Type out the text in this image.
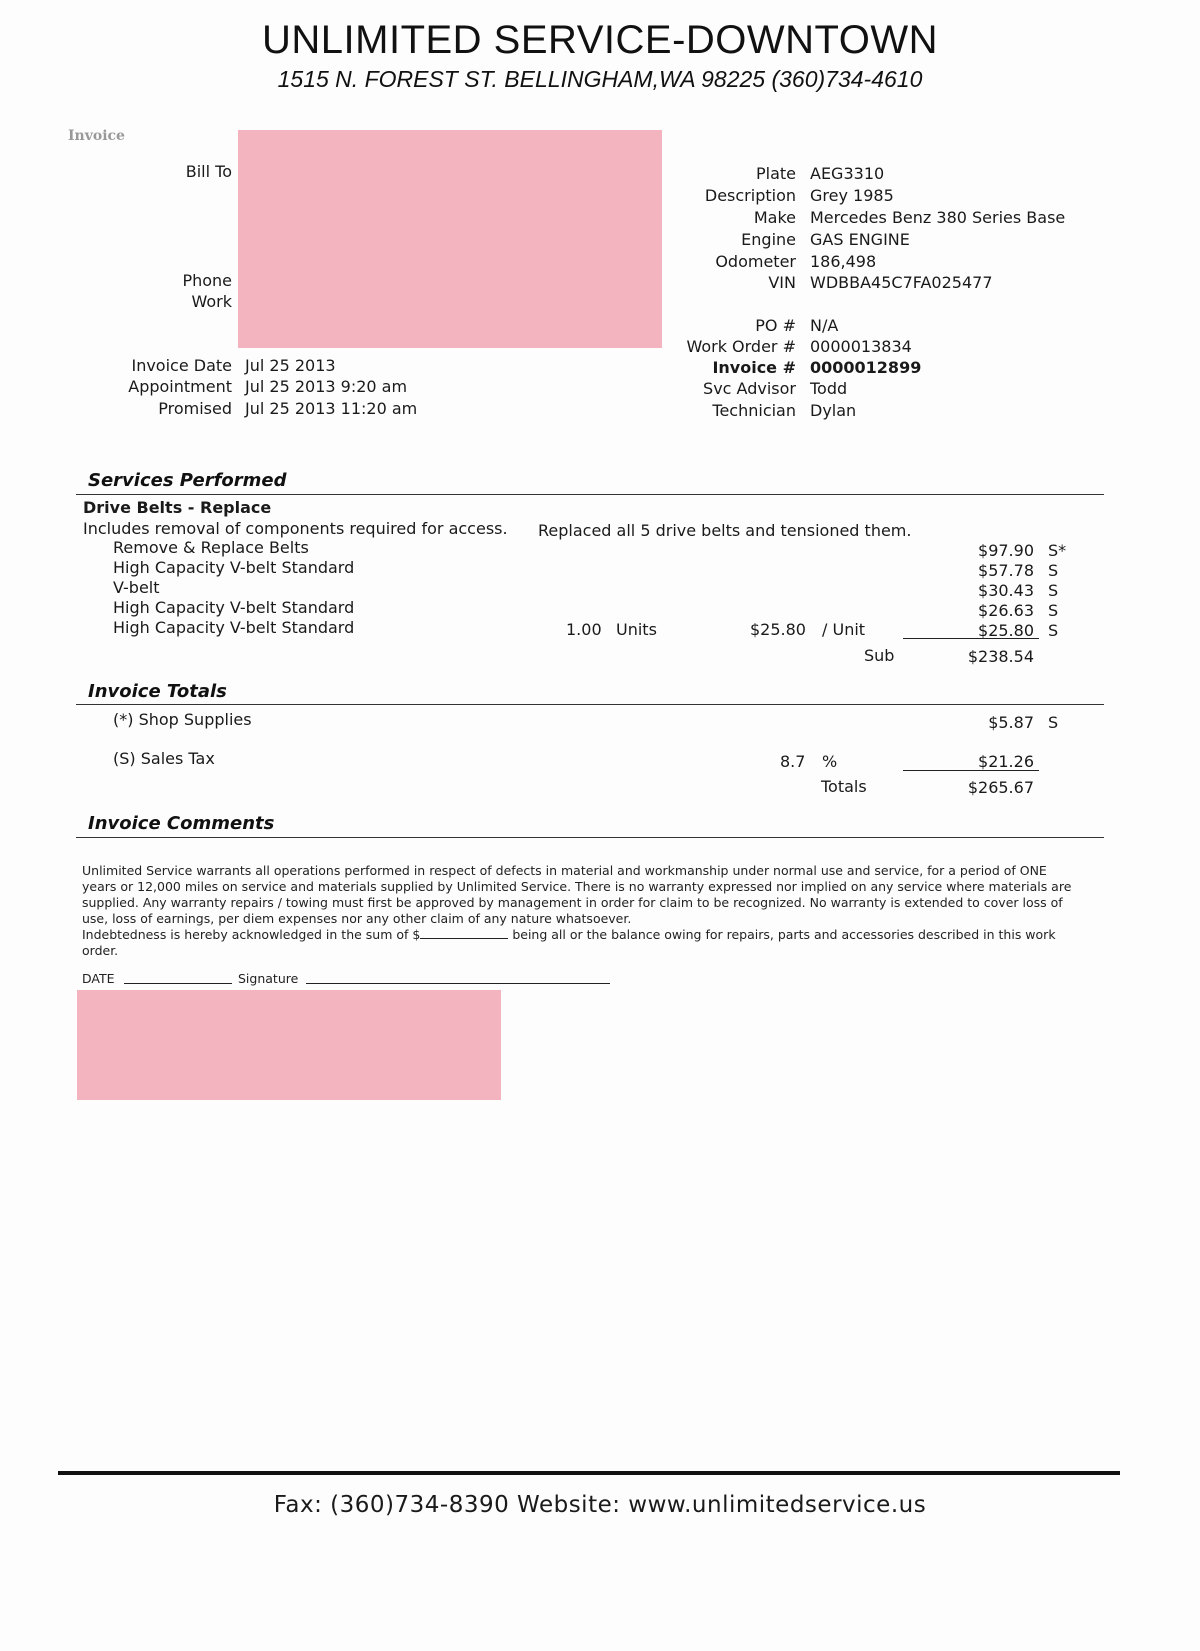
UNLIMITED SERVICE-DOWNTOWN
1515 N. FOREST ST. BELLINGHAM,WA 98225 (360)734-4610
Invoice
Bill To
Phone
Work
Invoice Date Jul 25 2013
Appointment Jul 25 2013 9:20 am
Promised Jul 25 2013 11:20 am
Plate AEG3310
Description Grey 1985
Make Mercedes Benz 380 Series Base
Engine GAS ENGINE
Odometer 186,498
VIN WDBBA45C7FA025477
PO # N/A
Work Order # 0000013834
Invoice # 0000012899
Svc Advisor Todd
Technician Dylan
Services Performed
Drive Belts - Replace
Includes removal of components required for access. Replaced all 5 drive belts and tensioned them.
Remove & Replace Belts	$97.90 S*
High Capacity V-belt Standard	$57.78 S
V-belt	$30.43 S
High Capacity V-belt Standard	$26.63 S
High Capacity V-belt Standard	1.00 Units	$25.80 / Unit	$25.80 S
Sub	$238.54
Invoice Totals
(*) Shop Supplies	$5.87 S
(S) Sales Tax	8.7 %	$21.26
Totals	$265.67
Invoice Comments
Unlimited Service warrants all operations performed in respect of defects in material and workmanship under normal use and service, for a period of ONE years or 12,000 miles on service and materials supplied by Unlimited Service. There is no warranty expressed nor implied on any service where materials are supplied. Any warranty repairs / towing must first be approved by management in order for claim to be recognized. No warranty is extended to cover loss of use, loss of earnings, per diem expenses nor any other claim of any nature whatsoever.
Indebtedness is hereby acknowledged in the sum of $	being all or the balance owing for repairs, parts and accessories described in this work order.
DATE	Signature
Fax: (360)734-8390 Website: www.unlimitedservice.us
